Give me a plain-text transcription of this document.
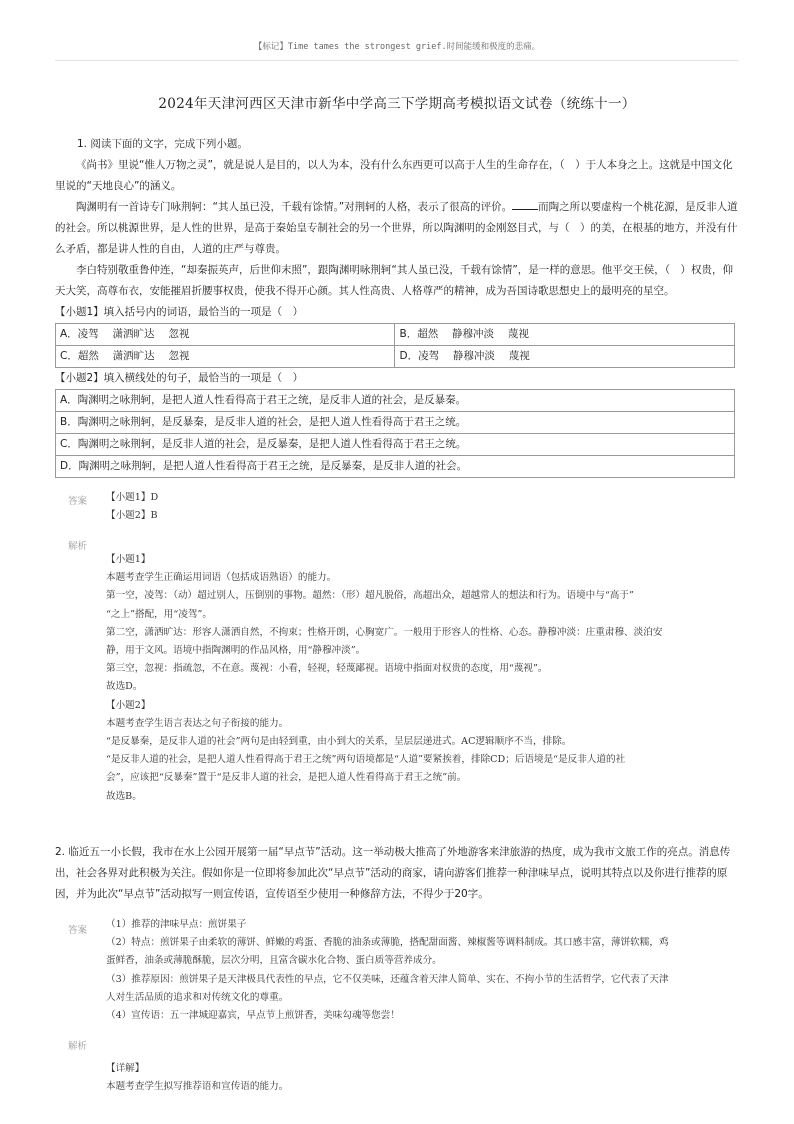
【标记】Time tames the strongest grief.时间能缓和极度的悲痛。
2024年天津河西区天津市新华中学高三下学期高考模拟语文试卷（统练十一）

1. 阅读下面的文字，完成下列小题。

《尚书》里说“惟人万物之灵”，就是说人是目的，以人为本，没有什么东西更可以高于人生的生命存在，（　）于人本身之上。这就是中国文化里说的“天地良心”的涵义。

陶渊明有一首诗专门咏荆轲：“其人虽已没，千载有馀情。”对荆轲的人格，表示了很高的评价。 而陶之所以要虚构一个桃花源，是反非人道的社会。所以桃源世界，是人性的世界，是高于秦始皇专制社会的另一个世界，所以陶渊明的金刚怒目式，与（　）的美，在根基的地方，并没有什么矛盾，都是讲人性的自由，人道的庄严与尊贵。

李白特别敬重鲁仲连，“却秦振英声，后世仰末照”，跟陶渊明咏荆轲“其人虽已没，千载有馀情”，是一样的意思。他平交王侯，（　）权贵，仰天大笑，高尊布衣，安能摧眉折腰事权贵，使我不得开心颜。其人性高贵、人格尊严的精神，成为吾国诗歌思想史上的最明亮的星空。

【小题1】填入括号内的词语，最恰当的一项是（　）
A．凌驾　 潇洒旷达　 忽视	B．超然　 静穆冲淡　 蔑视
C．超然　 潇洒旷达　 忽视	D．凌驾　 静穆冲淡　 蔑视
【小题2】填入横线处的句子，最恰当的一项是（　）
A．陶渊明之咏荆轲，是把人道人性看得高于君王之统，是反非人道的社会，是反暴秦。
B．陶渊明之咏荆轲，是反暴秦，是反非人道的社会，是把人道人性看得高于君王之统。
C．陶渊明之咏荆轲，是反非人道的社会，是反暴秦，是把人道人性看得高于君王之统。
D．陶渊明之咏荆轲，是把人道人性看得高于君王之统，是反暴秦，是反非人道的社会。
答案 【小题1】D
【小题2】B
解析
【小题1】
本题考查学生正确运用词语（包括成语熟语）的能力。
第一空，凌驾：（动）超过别人，压倒别的事物。超然：（形）超凡脱俗，高超出众，超越常人的想法和行为。语境中与“高于”
“之上”搭配，用“凌驾”。
第二空，潇洒旷达：形容人潇洒自然，不拘束；性格开朗，心胸宽广。一般用于形容人的性格、心态。静穆冲淡：庄重肃穆、淡泊安
静，用于文风。语境中指陶渊明的作品风格，用“静穆冲淡”。
第三空，忽视：指疏忽，不在意。蔑视：小看，轻视，轻蔑鄙视。语境中指面对权贵的态度，用“蔑视”。
故选D。
【小题2】
本题考查学生语言表达之句子衔接的能力。
“是反暴秦，是反非人道的社会”两句是由轻到重，由小到大的关系，呈层层递进式。AC逻辑顺序不当，排除。
“是反非人道的社会，是把人道人性看得高于君王之统”两句语境都是“人道”要紧挨着，排除CD；后语境是“是反非人道的社
会”，应该把“反暴秦”置于“是反非人道的社会，是把人道人性看得高于君王之统”前。
故选B。
2. 临近五一小长假，我市在水上公园开展第一届“早点节”活动。这一举动极大推高了外地游客来津旅游的热度，成为我市文旅工作的亮点。消息传出，社会各界对此积极为关注。假如你是一位即将参加此次“早点节”活动的商家，请向游客们推荐一种津味早点，说明其特点以及你进行推荐的原因，并为此次“早点节”活动拟写一则宣传语，宣传语至少使用一种修辞方法，不得少于20字。
答案
（1）推荐的津味早点：煎饼果子
（2）特点：煎饼果子由柔软的薄饼、鲜嫩的鸡蛋、香脆的油条或薄脆，搭配甜面酱、辣椒酱等调料制成。其口感丰富，薄饼软糯，鸡
蛋鲜香，油条或薄脆酥脆，层次分明，且富含碳水化合物、蛋白质等营养成分。
（3）推荐原因：煎饼果子是天津极具代表性的早点，它不仅美味，还蕴含着天津人简单、实在、不拘小节的生活哲学，它代表了天津
人对生活品质的追求和对传统文化的尊重。
（4）宣传语：五一津城迎嘉宾，早点节上煎饼香，美味勾魂等您尝！
解析
【详解】
本题考查学生拟写推荐语和宣传语的能力。
